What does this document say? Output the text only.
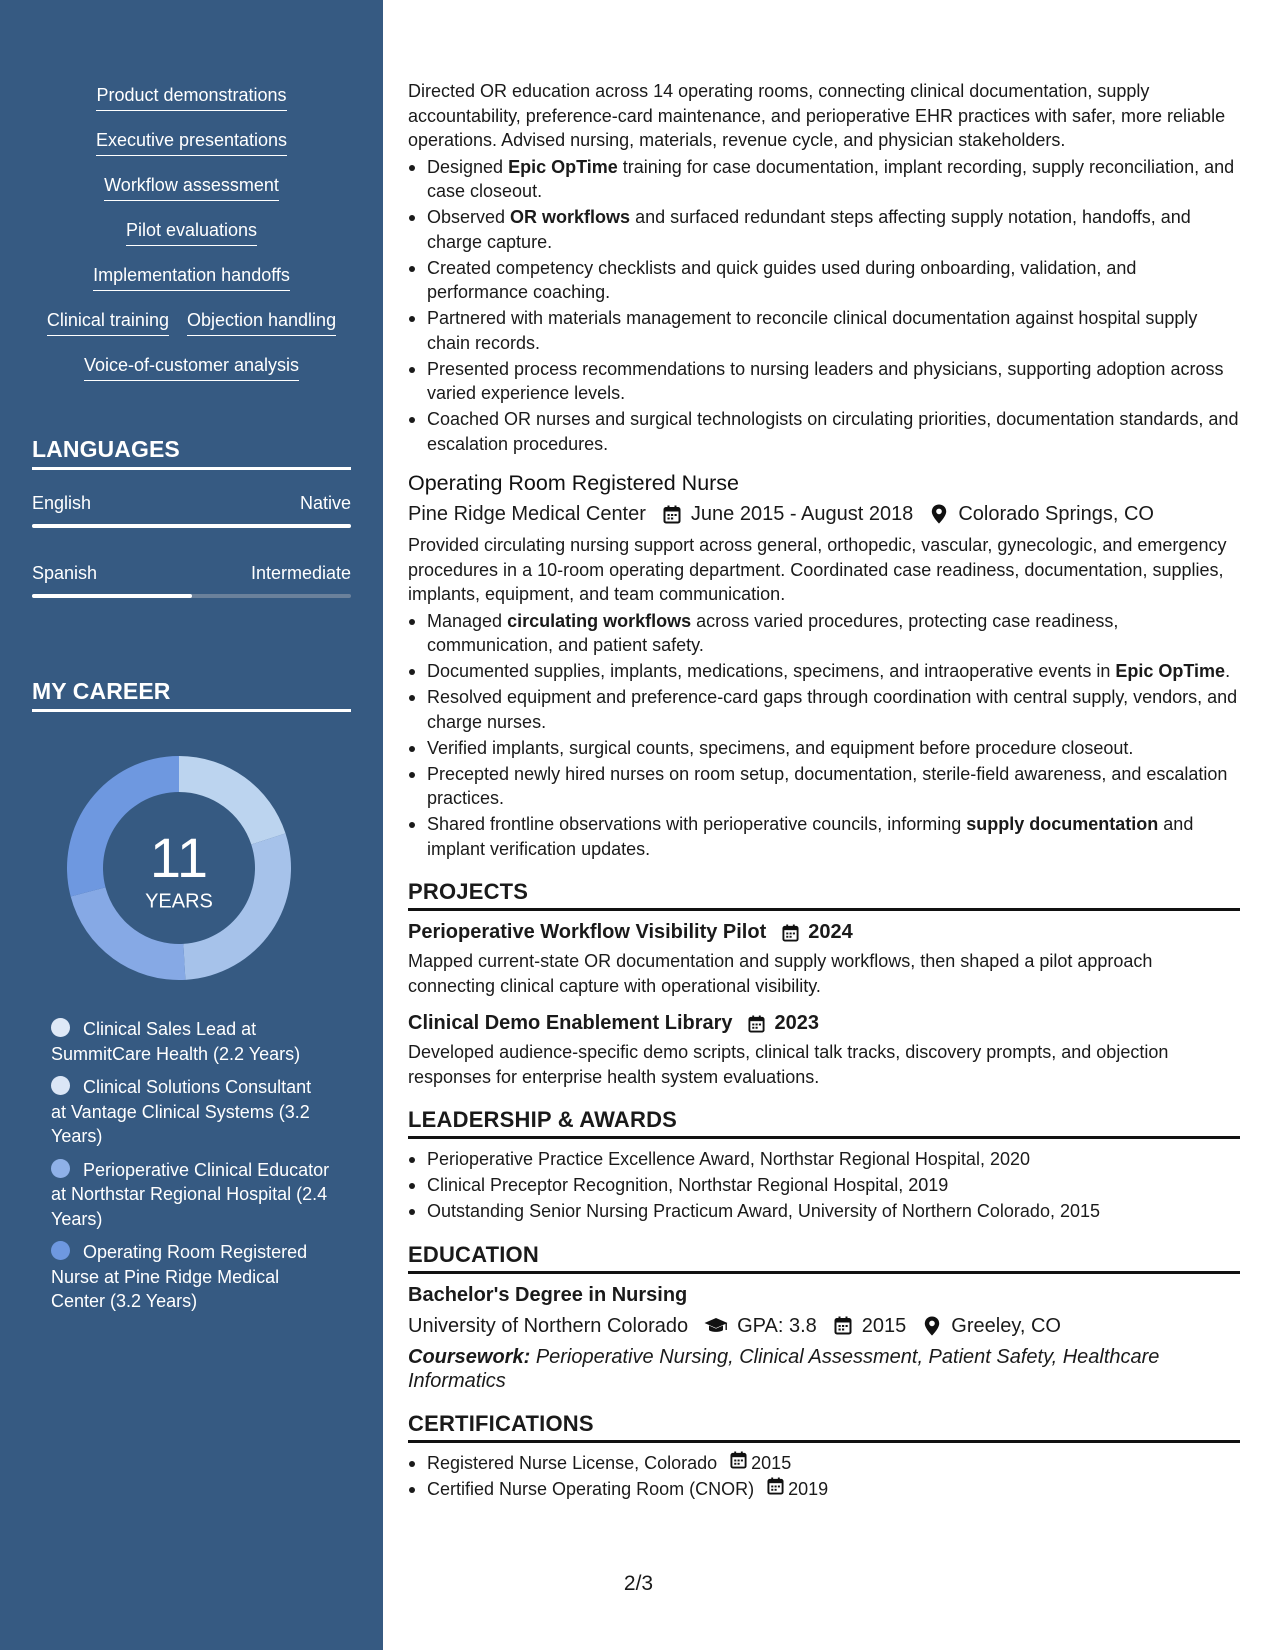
Product demonstrations
Executive presentations
Workflow assessment
Pilot evaluations
Implementation handoffs
Clinical training Objection handling
Voice-of-customer analysis
LANGUAGES
English	Native
Spanish	Intermediate
MY CAREER
11
YEARS
Clinical Sales Lead at SummitCare Health (2.2 Years)
Clinical Solutions Consultant at Vantage Clinical Systems (3.2 Years)
Perioperative Clinical Educator at Northstar Regional Hospital (2.4 Years)
Operating Room Registered Nurse at Pine Ridge Medical Center (3.2 Years)

Directed OR education across 14 operating rooms, connecting clinical documentation, supply accountability, preference-card maintenance, and perioperative EHR practices with safer, more reliable operations. Advised nursing, materials, revenue cycle, and physician stakeholders.

Designed Epic OpTime training for case documentation, implant recording, supply reconciliation, and case closeout.
Observed OR workflows and surfaced redundant steps affecting supply notation, handoffs, and charge capture.
Created competency checklists and quick guides used during onboarding, validation, and performance coaching.
Partnered with materials management to reconcile clinical documentation against hospital supply chain records.
Presented process recommendations to nursing leaders and physicians, supporting adoption across varied experience levels.
Coached OR nurses and surgical technologists on circulating priorities, documentation standards, and escalation procedures.
Operating Room Registered Nurse
Pine Ridge Medical Center June 2015 - August 2018 Colorado Springs, CO

Provided circulating nursing support across general, orthopedic, vascular, gynecologic, and emergency procedures in a 10-room operating department. Coordinated case readiness, documentation, supplies, implants, equipment, and team communication.

Managed circulating workflows across varied procedures, protecting case readiness, communication, and patient safety.
Documented supplies, implants, medications, specimens, and intraoperative events in Epic OpTime.
Resolved equipment and preference-card gaps through coordination with central supply, vendors, and charge nurses.
Verified implants, surgical counts, specimens, and equipment before procedure closeout.
Precepted newly hired nurses on room setup, documentation, sterile-field awareness, and escalation practices.
Shared frontline observations with perioperative councils, informing supply documentation and implant verification updates.
PROJECTS
Perioperative Workflow Visibility Pilot 2024

Mapped current-state OR documentation and supply workflows, then shaped a pilot approach connecting clinical capture with operational visibility.

Clinical Demo Enablement Library 2023

Developed audience-specific demo scripts, clinical talk tracks, discovery prompts, and objection responses for enterprise health system evaluations.

LEADERSHIP & AWARDS
Perioperative Practice Excellence Award, Northstar Regional Hospital, 2020
Clinical Preceptor Recognition, Northstar Regional Hospital, 2019
Outstanding Senior Nursing Practicum Award, University of Northern Colorado, 2015
EDUCATION
Bachelor's Degree in Nursing
University of Northern Colorado GPA: 3.8 2015 Greeley, CO

Coursework: Perioperative Nursing, Clinical Assessment, Patient Safety, Healthcare Informatics

CERTIFICATIONS
Registered Nurse License, Colorado 2015
Certified Nurse Operating Room (CNOR) 2019
2/3
